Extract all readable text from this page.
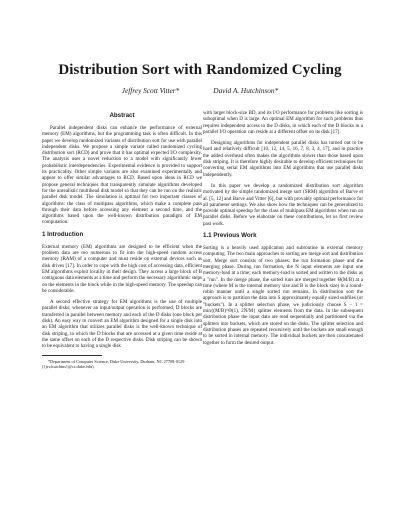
Distribution Sort with Randomized Cycling
Jeffrey Scott Vitter*	David A. Hutchinson*
Abstract

Parallel independent disks can enhance the performance of external memory (EM) algorithms, but the programming task is often difficult. In this paper we develop randomized variants of distribution sort for use with parallel independent disks. We propose a simple variant called randomized cycling distribution sort (RCD) and prove that it has optimal expected I/O complexity. The analysis uses a novel reduction to a model with significantly fewer probabilistic interdependencies. Experimental evidence is provided to support its practicality. Other simple variants are also examined experimentally and appear to offer similar advantages to RCD. Based upon ideas in RCD we propose general techniques that transparently simulate algorithms developed for the unrealistic multihead disk model so that they can be run on the realistic parallel disk model. The simulation is optimal for two important classes of algorithms: the class of multipass algorithms, which make a complete pass through their data before accessing any element a second time, and the algorithms based upon the well-known distribution paradigm of EM computation.

1 Introduction

External memory (EM) algorithms are designed to be efficient when the problem data are too numerous to fit into the high-speed random access memory (RAM) of a computer and must reside on external devices such as disk drives [17]. In order to cope with the high cost of accessing data, efficient EM algorithms exploit locality in their design. They access a large block of B contiguous data elements at a time and perform the necessary algorithmic steps on the elements in the block while in the high-speed memory. The speedup can be considerable.

A second effective strategy for EM algorithms is the use of multiple parallel disks; whenever an input/output operation is performed, D blocks are transferred in parallel between memory and each of the D disks (one block per disk). An easy way to convert an EM algorithm designed for a single disk into an EM algorithm that utilizes parallel disks is the well-known technique of disk striping, in which the D blocks that are accessed at a given time reside at the same offset on each of the D respective disks. Disk striping can be shown to be equivalent to having a single disk

*Department of Computer Science, Duke University, Durham, NC 27708-0129 ({jsv,hutchins}@cs.duke.edu).

with larger block-size BD, and its I/O performance for problems like sorting is suboptimal when D is large. An optimal EM algorithm for such problems thus requires independent access to the D disks, in which each of the D blocks in a parallel I/O operation can reside at a different offset on its disk [17].

Designing algorithms for independent parallel disks has turned out to be hard and relatively difficult [10, 12, 14, 5, 16, 7, 8, 3, 4, 17], and in practice the added overhead often makes the algorithms slower than those based upon disk striping. It is therefore highly desirable to develop efficient techniques for converting serial EM algorithms into EM algorithms that use parallel disks independently.

In this paper we develop a randomized distribution sort algorithm motivated by the simple randomized merge sort (SRM) algorithm of Barve et al. [5, 12] and Barve and Vitter [6], but with provably optimal performance for all parameter settings. We also show how the techniques can be generalized to provide optimal speedup for the class of multipass EM algorithms when run on parallel disks. Before we elaborate on these contributions, let us first review past work.

1.1 Previous Work

Sorting is a heavily used application and subroutine in external memory computing. The two main approaches to sorting are merge sort and distribution sort. Merge sort consists of two phases: the run formation phase and the merging phase. During run formation, the N input elements are input one memory-load at a time; each memory-load is sorted and written to the disks as a "run". In the merge phase, the sorted runs are merged together Θ(M/B) at a time (where M is the internal memory size and B is the block size) in a round-robin manner until a single sorted run remains. In distribution sort the approach is to partition the data into S approximately equally sized subfiles (or "buckets"). In a splitter selection phase, we judiciously choose S − 1 = min{(M/B)^Θ(1), 2N/M} splitter elements from the data. In the subsequent distribution phase the input data are read sequentially and partitioned via the splitters into buckets, which are stored on the disks. The splitter selection and distribution phases are repeated recursively until the buckets are small enough to be sorted in internal memory. The individual buckets are then concatenated together to form the desired output.
